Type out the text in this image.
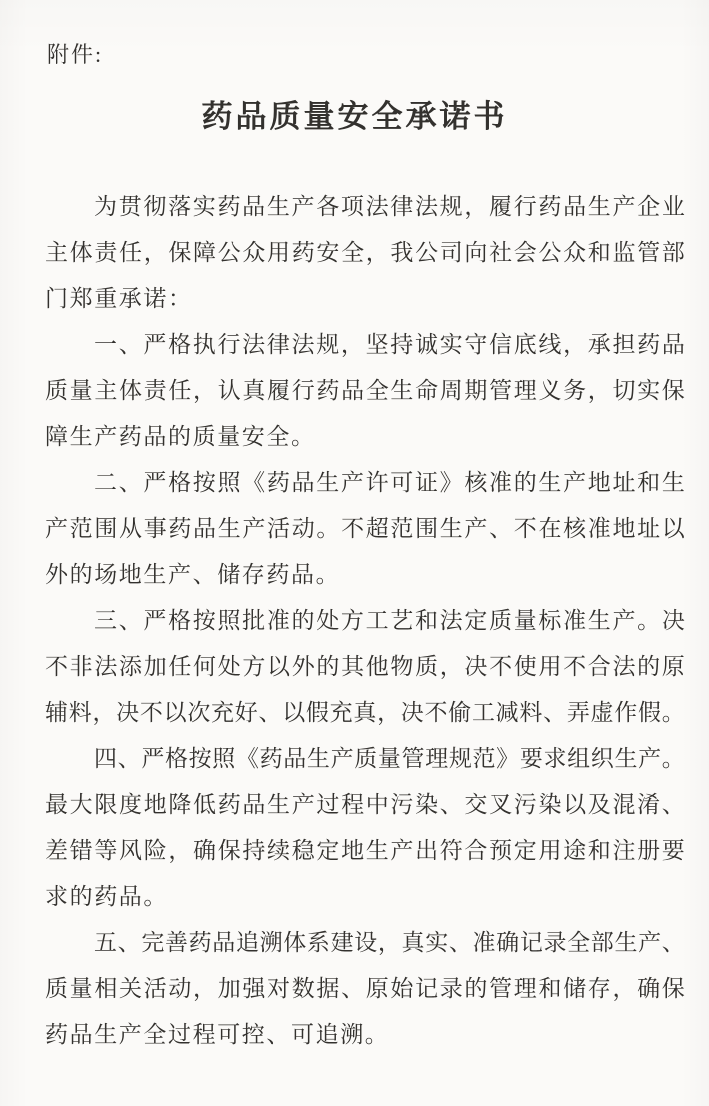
附件:
药品质量安全承诺书
为 贯 彻 落 实 药 品 生 产 各 项 法 律 法 规 ， 履 行 药 品 生 产 企 业
主 体 责 任 ， 保 障 公 众 用 药 安 全 ， 我 公 司 向 社 会 公 众 和 监 管 部
门郑重承诺：
一 、 严 格 执 行 法 律 法 规 ， 坚 持 诚 实 守 信 底 线 ， 承 担 药 品
质 量 主 体 责 任 ， 认 真 履 行 药 品 全 生 命 周 期 管 理 义 务 ， 切 实 保
障生产药品的质量安全。
二 、 严 格 按 照 《 药 品 生 产 许 可 证 》 核 准 的 生 产 地 址 和 生
产 范 围 从 事 药 品 生 产 活 动 。 不 超 范 围 生 产 、 不 在 核 准 地 址 以
外的场地生产、储存药品。
三 、 严 格 按 照 批 准 的 处 方 工 艺 和 法 定 质 量 标 准 生 产 。 决
不 非 法 添 加 任 何 处 方 以 外 的 其 他 物 质 ， 决 不 使 用 不 合 法 的 原
辅 料 ， 决 不 以 次 充 好 、 以 假 充 真 ， 决 不 偷 工 减 料 、 弄 虚 作 假 。
四 、 严 格 按 照 《 药 品 生 产 质 量 管 理 规 范 》 要 求 组 织 生 产 。
最 大 限 度 地 降 低 药 品 生 产 过 程 中 污 染 、 交 叉 污 染 以 及 混 淆 、
差 错 等 风 险 ， 确 保 持 续 稳 定 地 生 产 出 符 合 预 定 用 途 和 注 册 要
求的药品。
五 、 完 善 药 品 追 溯 体 系 建 设 ， 真 实 、 准 确 记 录 全 部 生 产 、
质 量 相 关 活 动 ， 加 强 对 数 据 、 原 始 记 录 的 管 理 和 储 存 ， 确 保
药品生产全过程可控、可追溯。
